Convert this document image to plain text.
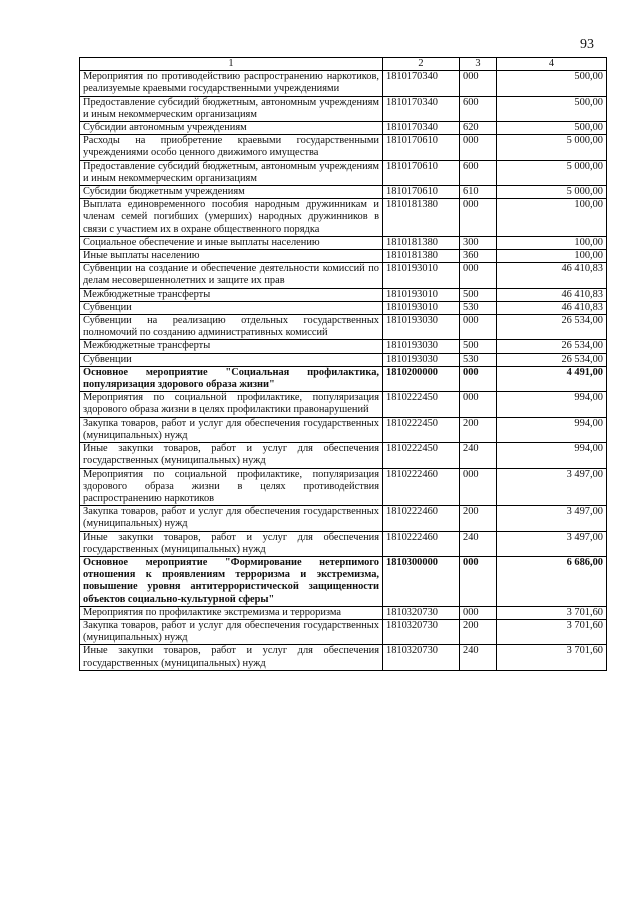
93
1	2	3	4
Мероприятия по противодействию распространению наркотиков, реализуемые краевыми государственными учреждениями	1810170340	000	500,00
Предоставление субсидий бюджетным, автономным учреждениям и иным некоммерческим организациям	1810170340	600	500,00
Субсидии автономным учреждениям	1810170340	620	500,00
Расходы на приобретение краевыми государственными учреждениями особо ценного движимого имущества	1810170610	000	5 000,00
Предоставление субсидий бюджетным, автономным учреждениям и иным некоммерческим организациям	1810170610	600	5 000,00
Субсидии бюджетным учреждениям	1810170610	610	5 000,00
Выплата единовременного пособия народным дружинникам и членам семей погибших (умерших) народных дружинников в связи с участием их в охране общественного порядка	1810181380	000	100,00
Социальное обеспечение и иные выплаты населению	1810181380	300	100,00
Иные выплаты населению	1810181380	360	100,00
Субвенции на создание и обеспечение деятельности комиссий по делам несовершеннолетних и защите их прав	1810193010	000	46 410,83
Межбюджетные трансферты	1810193010	500	46 410,83
Субвенции	1810193010	530	46 410,83
Субвенции на реализацию отдельных государственных полномочий по созданию административных комиссий	1810193030	000	26 534,00
Межбюджетные трансферты	1810193030	500	26 534,00
Субвенции	1810193030	530	26 534,00
Основное мероприятие "Социальная профилактика, популяризация здорового образа жизни"	1810200000	000	4 491,00
Мероприятия по социальной профилактике, популяризация здорового образа жизни в целях профилактики правонарушений	1810222450	000	994,00
Закупка товаров, работ и услуг для обеспечения государственных (муниципальных) нужд	1810222450	200	994,00
Иные закупки товаров, работ и услуг для обеспечения государственных (муниципальных) нужд	1810222450	240	994,00
Мероприятия по социальной профилактике, популяризация здорового образа жизни в целях противодействия распространению наркотиков	1810222460	000	3 497,00
Закупка товаров, работ и услуг для обеспечения государственных (муниципальных) нужд	1810222460	200	3 497,00
Иные закупки товаров, работ и услуг для обеспечения государственных (муниципальных) нужд	1810222460	240	3 497,00
Основное мероприятие "Формирование нетерпимого отношения к проявлениям терроризма и экстремизма, повышение уровня антитеррористической защищенности объектов социально-культурной сферы"	1810300000	000	6 686,00
Мероприятия по профилактике экстремизма и терроризма	1810320730	000	3 701,60
Закупка товаров, работ и услуг для обеспечения государственных (муниципальных) нужд	1810320730	200	3 701,60
Иные закупки товаров, работ и услуг для обеспечения государственных (муниципальных) нужд	1810320730	240	3 701,60
